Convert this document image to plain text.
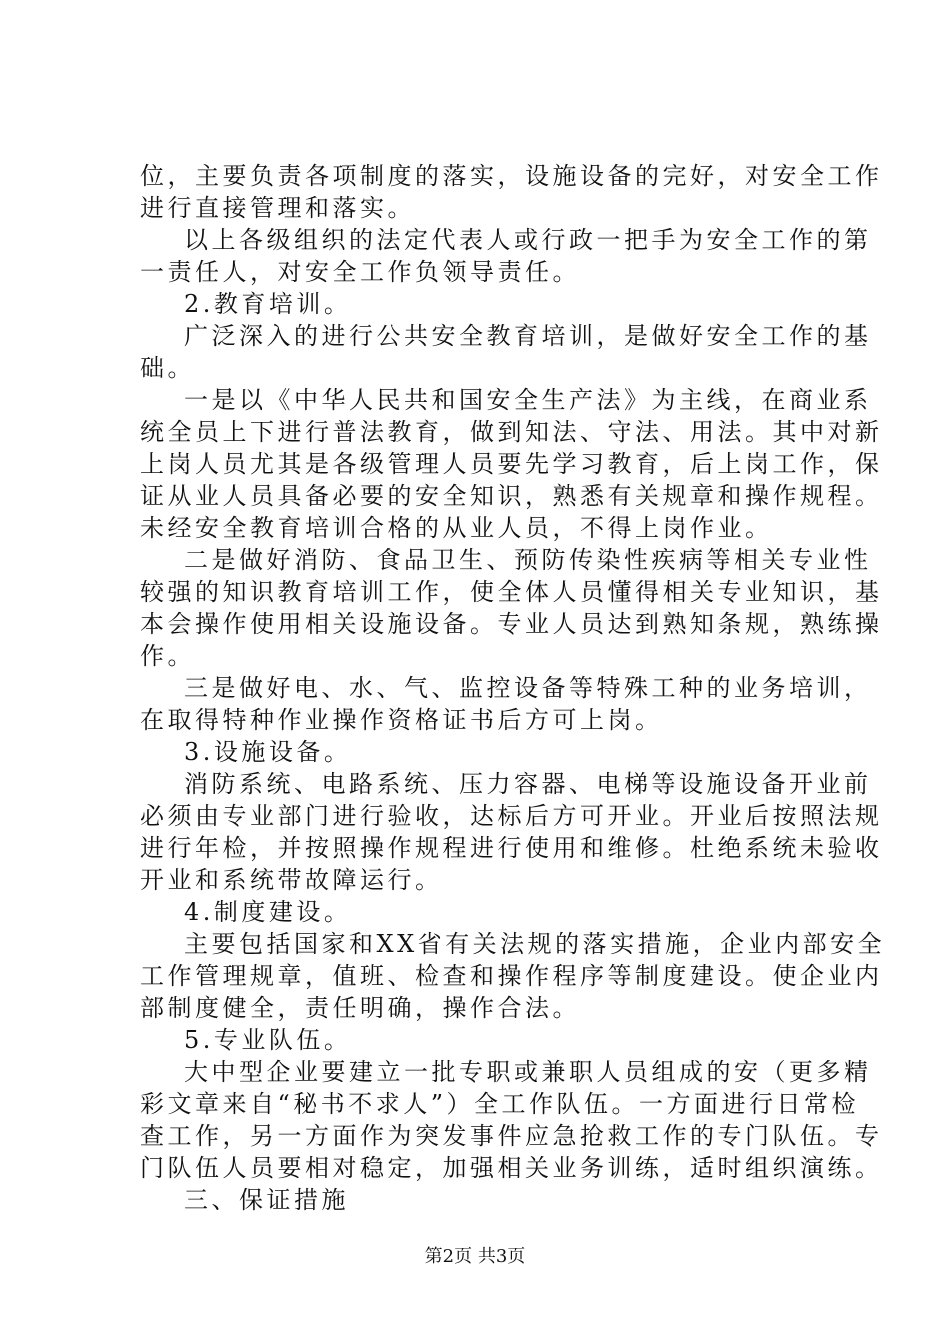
位，主要负责各项制度的落实，设施设备的完好，对安全工作
进行直接管理和落实。
以上各级组织的法定代表人或行政一把手为安全工作的第
一责任人，对安全工作负领导责任。
2.教育培训。
广泛深入的进行公共安全教育培训，是做好安全工作的基
础。
一是以《中华人民共和国安全生产法》为主线，在商业系
统全员上下进行普法教育，做到知法、守法、用法。其中对新
上岗人员尤其是各级管理人员要先学习教育，后上岗工作，保
证从业人员具备必要的安全知识，熟悉有关规章和操作规程。
未经安全教育培训合格的从业人员，不得上岗作业。
二是做好消防、食品卫生、预防传染性疾病等相关专业性
较强的知识教育培训工作，使全体人员懂得相关专业知识，基
本会操作使用相关设施设备。专业人员达到熟知条规，熟练操
作。
三是做好电、水、气、监控设备等特殊工种的业务培训，
在取得特种作业操作资格证书后方可上岗。
3.设施设备。
消防系统、电路系统、压力容器、电梯等设施设备开业前
必须由专业部门进行验收，达标后方可开业。开业后按照法规
进行年检，并按照操作规程进行使用和维修。杜绝系统未验收
开业和系统带故障运行。
4.制度建设。
主要包括国家和XX省有关法规的落实措施，企业内部安全
工作管理规章，值班、检查和操作程序等制度建设。使企业内
部制度健全，责任明确，操作合法。
5.专业队伍。
大中型企业要建立一批专职或兼职人员组成的安（更多精
彩文章来自“秘书不求人”）全工作队伍。一方面进行日常检
查工作，另一方面作为突发事件应急抢救工作的专门队伍。专
门队伍人员要相对稳定，加强相关业务训练，适时组织演练。
三、保证措施
第2页 共3页
